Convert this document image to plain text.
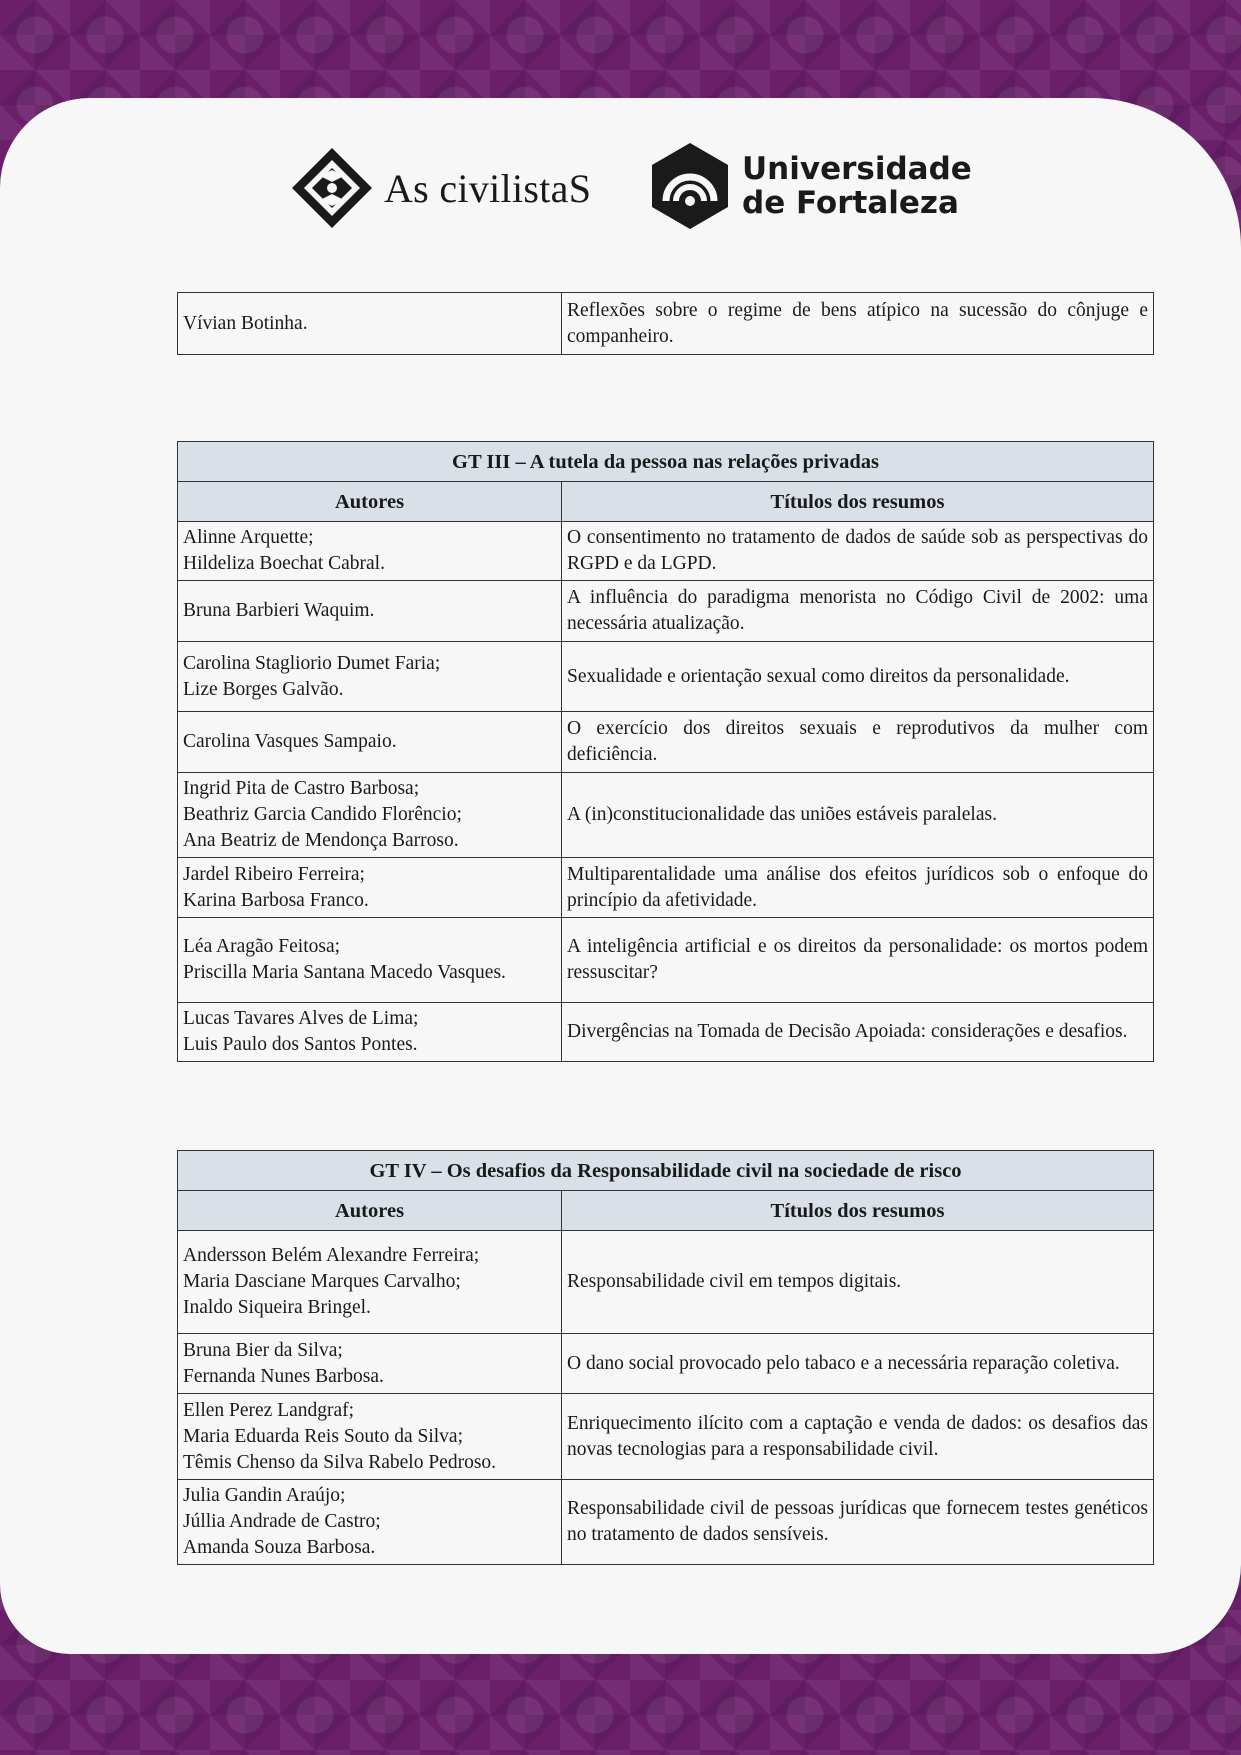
As civilistaS	Universidade
de Fortaleza
Vívian Botinha.	Reflexões sobre o regime de bens atípico na sucessão do cônjuge e companheiro.
GT III – A tutela da pessoa nas relações privadas	
Autores	Títulos dos resumos
Alinne Arquette;
Hildeliza Boechat Cabral.	O consentimento no tratamento de dados de saúde sob as perspectivas do RGPD e da LGPD.
Bruna Barbieri Waquim.	A influência do paradigma menorista no Código Civil de 2002: uma necessária atualização.
Carolina Stagliorio Dumet Faria;
Lize Borges Galvão.	Sexualidade e orientação sexual como direitos da personalidade.
Carolina Vasques Sampaio.	O exercício dos direitos sexuais e reprodutivos da mulher com deficiência.
Ingrid Pita de Castro Barbosa;
Beathriz Garcia Candido Florêncio;
Ana Beatriz de Mendonça Barroso.	A (in)constitucionalidade das uniões estáveis paralelas.
Jardel Ribeiro Ferreira;
Karina Barbosa Franco.	Multiparentalidade uma análise dos efeitos jurídicos sob o enfoque do princípio da afetividade.
Léa Aragão Feitosa;
Priscilla Maria Santana Macedo Vasques.	A inteligência artificial e os direitos da personalidade: os mortos podem ressuscitar?
Lucas Tavares Alves de Lima;
Luis Paulo dos Santos Pontes.	Divergências na Tomada de Decisão Apoiada: considerações e desafios.
GT IV – Os desafios da Responsabilidade civil na sociedade de risco	
Autores	Títulos dos resumos
Andersson Belém Alexandre Ferreira;
Maria Dasciane Marques Carvalho;
Inaldo Siqueira Bringel.	Responsabilidade civil em tempos digitais.
Bruna Bier da Silva;
Fernanda Nunes Barbosa.	O dano social provocado pelo tabaco e a necessária reparação coletiva.
Ellen Perez Landgraf;
Maria Eduarda Reis Souto da Silva;
Têmis Chenso da Silva Rabelo Pedroso.	Enriquecimento ilícito com a captação e venda de dados: os desafios das novas tecnologias para a responsabilidade civil.
Julia Gandin Araújo;
Júllia Andrade de Castro;
Amanda Souza Barbosa.	Responsabilidade civil de pessoas jurídicas que fornecem testes genéticos no tratamento de dados sensíveis.
